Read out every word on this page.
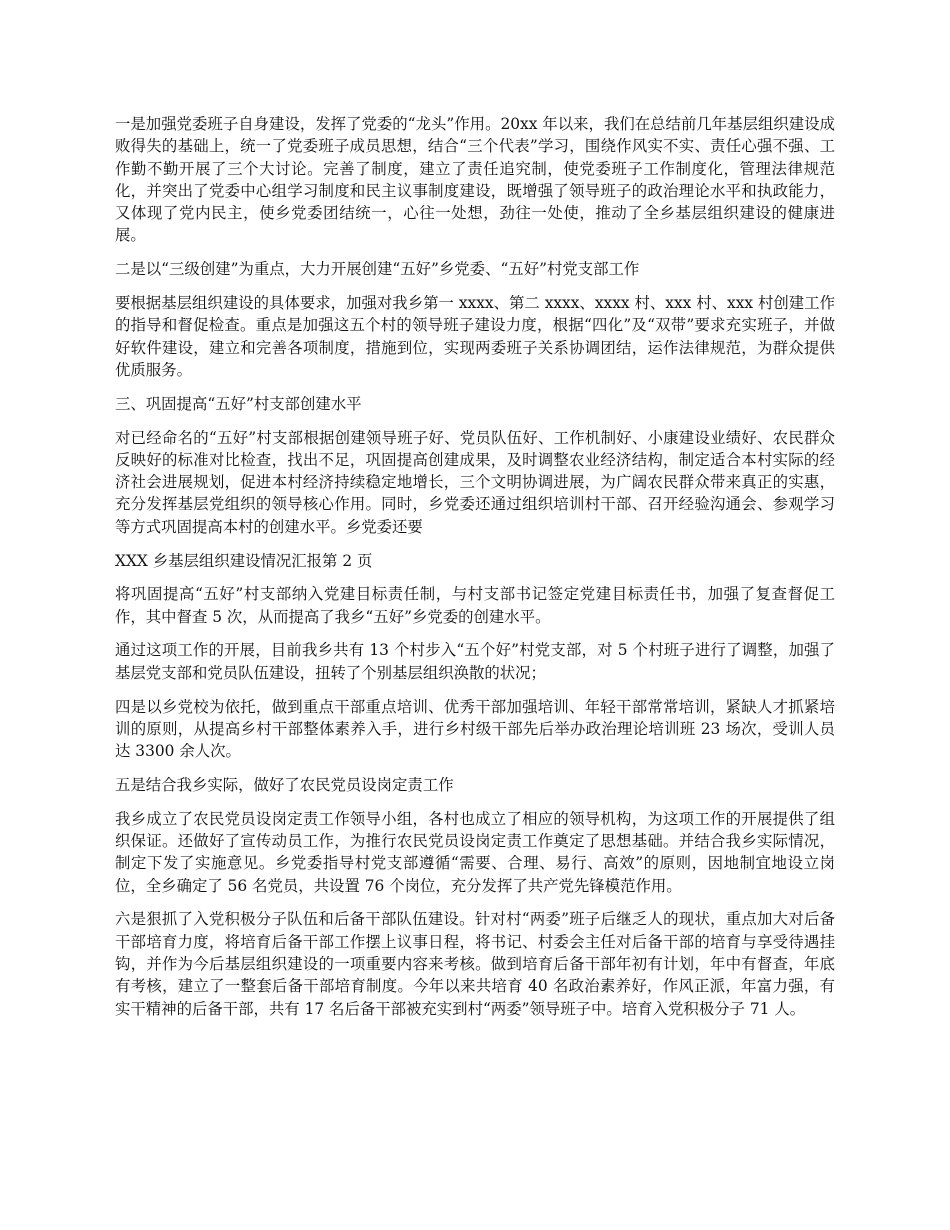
一是加强党委班子自身建设，发挥了党委的“龙头”作用。20xx 年以来，我们在总结前几年基层组织建设成败得失的基础上，统一了党委班子成员思想，结合“三个代表”学习，围绕作风实不实、责任心强不强、工作勤不勤开展了三个大讨论。完善了制度，建立了责任追究制，使党委班子工作制度化，管理法律规范化，并突出了党委中心组学习制度和民主议事制度建设，既增强了领导班子的政治理论水平和执政能力，又体现了党内民主，使乡党委团结统一，心往一处想，劲往一处使，推动了全乡基层组织建设的健康进展。

二是以“三级创建”为重点，大力开展创建“五好”乡党委、“五好”村党支部工作

要根据基层组织建设的具体要求，加强对我乡第一 xxxx、第二 xxxx、xxxx 村、xxx 村、xxx 村创建工作的指导和督促检查。重点是加强这五个村的领导班子建设力度，根据“四化”及“双带”要求充实班子，并做好软件建设，建立和完善各项制度，措施到位，实现两委班子关系协调团结，运作法律规范，为群众提供优质服务。

三、巩固提高“五好”村支部创建水平

对已经命名的“五好”村支部根据创建领导班子好、党员队伍好、工作机制好、小康建设业绩好、农民群众反映好的标准对比检查，找出不足，巩固提高创建成果，及时调整农业经济结构，制定适合本村实际的经济社会进展规划，促进本村经济持续稳定地增长，三个文明协调进展，为广阔农民群众带来真正的实惠，充分发挥基层党组织的领导核心作用。同时，乡党委还通过组织培训村干部、召开经验沟通会、参观学习等方式巩固提高本村的创建水平。乡党委还要

XXX 乡基层组织建设情况汇报第 2 页

将巩固提高“五好”村支部纳入党建目标责任制，与村支部书记签定党建目标责任书，加强了复查督促工作，其中督查 5 次，从而提高了我乡“五好”乡党委的创建水平。

通过这项工作的开展，目前我乡共有 13 个村步入“五个好”村党支部，对 5 个村班子进行了调整，加强了基层党支部和党员队伍建设，扭转了个别基层组织涣散的状况；

四是以乡党校为依托，做到重点干部重点培训、优秀干部加强培训、年轻干部常常培训，紧缺人才抓紧培训的原则，从提高乡村干部整体素养入手，进行乡村级干部先后举办政治理论培训班 23 场次，受训人员达 3300 余人次。

五是结合我乡实际，做好了农民党员设岗定责工作

我乡成立了农民党员设岗定责工作领导小组，各村也成立了相应的领导机构，为这项工作的开展提供了组织保证。还做好了宣传动员工作，为推行农民党员设岗定责工作奠定了思想基础。并结合我乡实际情况，制定下发了实施意见。乡党委指导村党支部遵循“需要、合理、易行、高效”的原则，因地制宜地设立岗位，全乡确定了 56 名党员，共设置 76 个岗位，充分发挥了共产党先锋模范作用。

六是狠抓了入党积极分子队伍和后备干部队伍建设。针对村“两委”班子后继乏人的现状，重点加大对后备干部培育力度，将培育后备干部工作摆上议事日程，将书记、村委会主任对后备干部的培育与享受待遇挂钩，并作为今后基层组织建设的一项重要内容来考核。做到培育后备干部年初有计划，年中有督查，年底有考核，建立了一整套后备干部培育制度。今年以来共培育 40 名政治素养好，作风正派，年富力强，有实干精神的后备干部，共有 17 名后备干部被充实到村“两委”领导班子中。培育入党积极分子 71 人。
